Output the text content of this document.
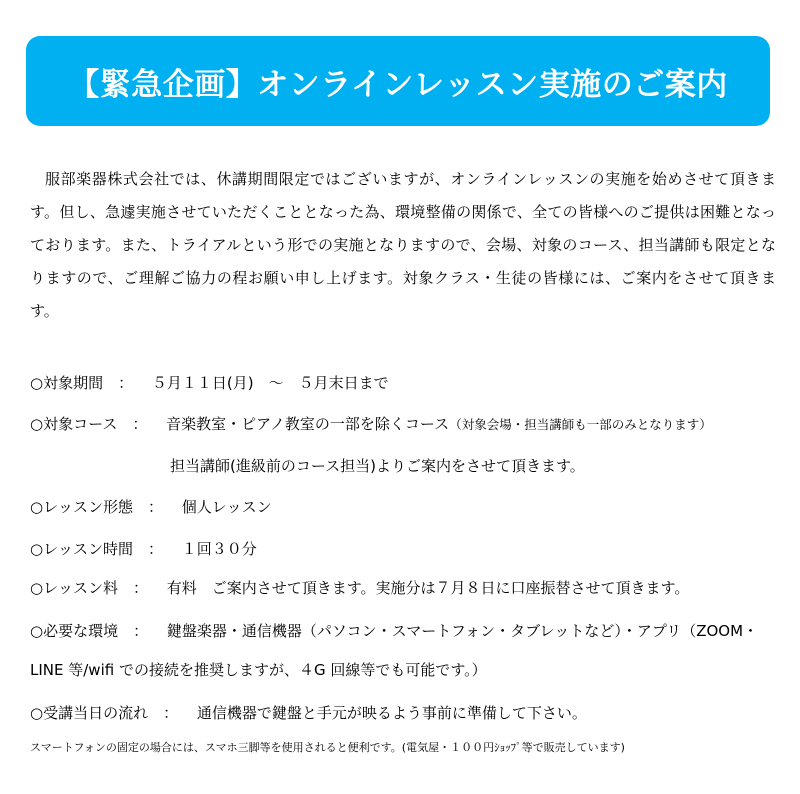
【緊急企画】オンラインレッスン実施のご案内
服部楽器株式会社では、休講期間限定ではございますが、オンラインレッスンの実施を始めさせて頂きます。但し、急遽実施させていただくこととなった為、環境整備の関係で、全ての皆様へのご提供は困難となっております。また、トライアルという形での実施となりますので、会場、対象のコース、担当講師も限定となりますので、ご理解ご協力の程お願い申し上げます。対象クラス・生徒の皆様には、ご案内をさせて頂きます。
○対象期間　： ５月１１日(月)　～　５月末日まで
○対象コース　： 音楽教室・ピアノ教室の一部を除くコース（対象会場・担当講師も一部のみとなります）
担当講師(進級前のコース担当)よりご案内をさせて頂きます。
○レッスン形態　： 個人レッスン
○レッスン時間　： １回３０分
○レッスン料　： 有料　ご案内させて頂きます。実施分は７月８日に口座振替させて頂きます。
○必要な環境　： 鍵盤楽器・通信機器（パソコン・スマートフォン・タブレットなど）・アプリ（ZOOM・
LINE 等/wifi での接続を推奨しますが、４G 回線等でも可能です。）
○受講当日の流れ　： 通信機器で鍵盤と手元が映るよう事前に準備して下さい。
スマートフォンの固定の場合には、スマホ三脚等を使用されると便利です。(電気屋・１００円ｼｮｯﾌﾟ等で販売しています)
